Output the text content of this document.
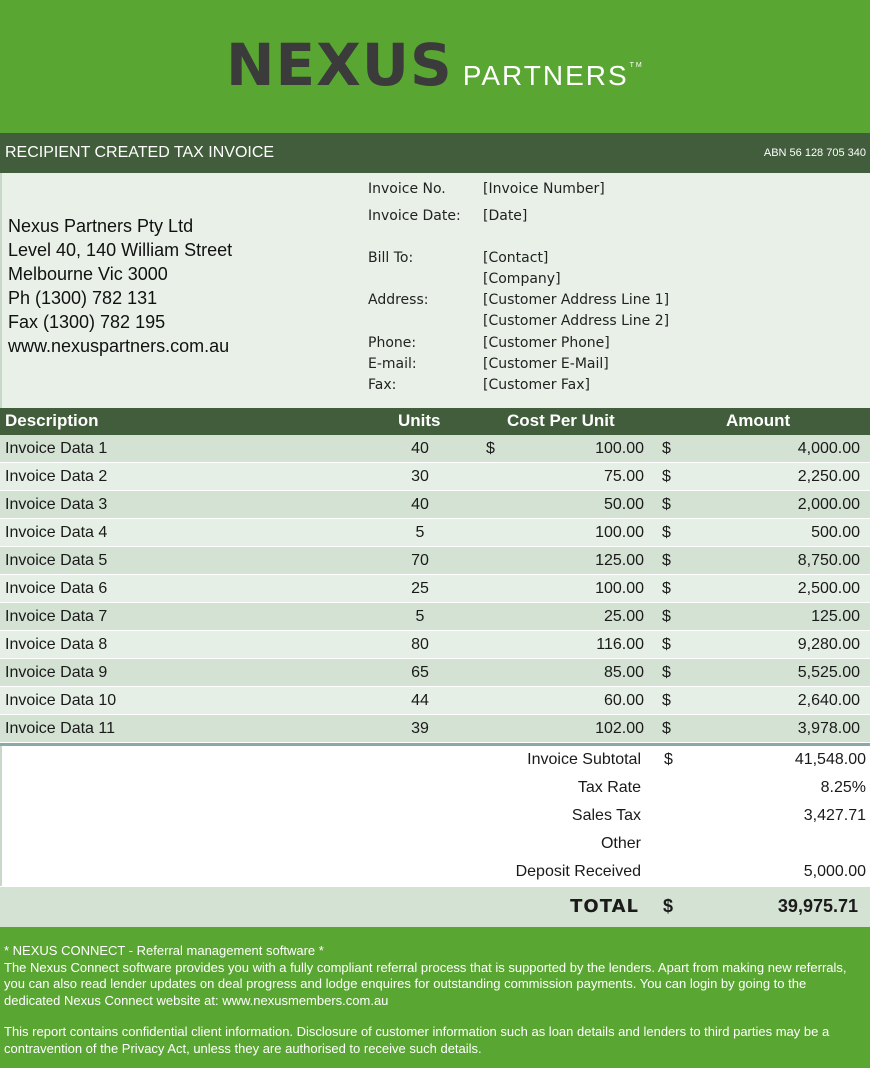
NEXUS PARTNERS™
RECIPIENT CREATED TAX INVOICE	ABN 56 128 705 340
Nexus Partners Pty Ltd
Level 40, 140 William Street
Melbourne Vic 3000
Ph (1300) 782 131
Fax (1300) 782 195
www.nexuspartners.com.au
Invoice No.	[Invoice Number]
Invoice Date: [Date]
Bill To:	[Contact]
[Company]
Address:	[Customer Address Line 1]
[Customer Address Line 2]
Phone:	[Customer Phone]
E-mail:	[Customer E-Mail]
Fax:	[Customer Fax]
Description	Units	Cost Per Unit	Amount
Invoice Data 1	40	$	100.00 $	4,000.00
Invoice Data 2	30	75.00 $	2,250.00
Invoice Data 3	40	50.00 $	2,000.00
Invoice Data 4	5	100.00 $	500.00
Invoice Data 5	70	125.00 $	8,750.00
Invoice Data 6	25	100.00 $	2,500.00
Invoice Data 7	5	25.00 $	125.00
Invoice Data 8	80	116.00 $	9,280.00
Invoice Data 9	65	85.00 $	5,525.00
Invoice Data 10	44	60.00 $	2,640.00
Invoice Data 11	39	102.00 $	3,978.00
Invoice Subtotal $	41,548.00
Tax Rate	8.25%
Sales Tax	3,427.71
Other
Deposit Received	5,000.00
TOTAL $	39,975.71
* NEXUS CONNECT - Referral management software *
The Nexus Connect software provides you with a fully compliant referral process that is supported by the lenders. Apart from making new referrals, you can also read lender updates on deal progress and lodge enquires for outstanding commission payments. You can login by going to the dedicated Nexus Connect website at: www.nexusmembers.com.au
This report contains confidential client information. Disclosure of customer information such as loan details and lenders to third parties may be a contravention of the Privacy Act, unless they are authorised to receive such details.
